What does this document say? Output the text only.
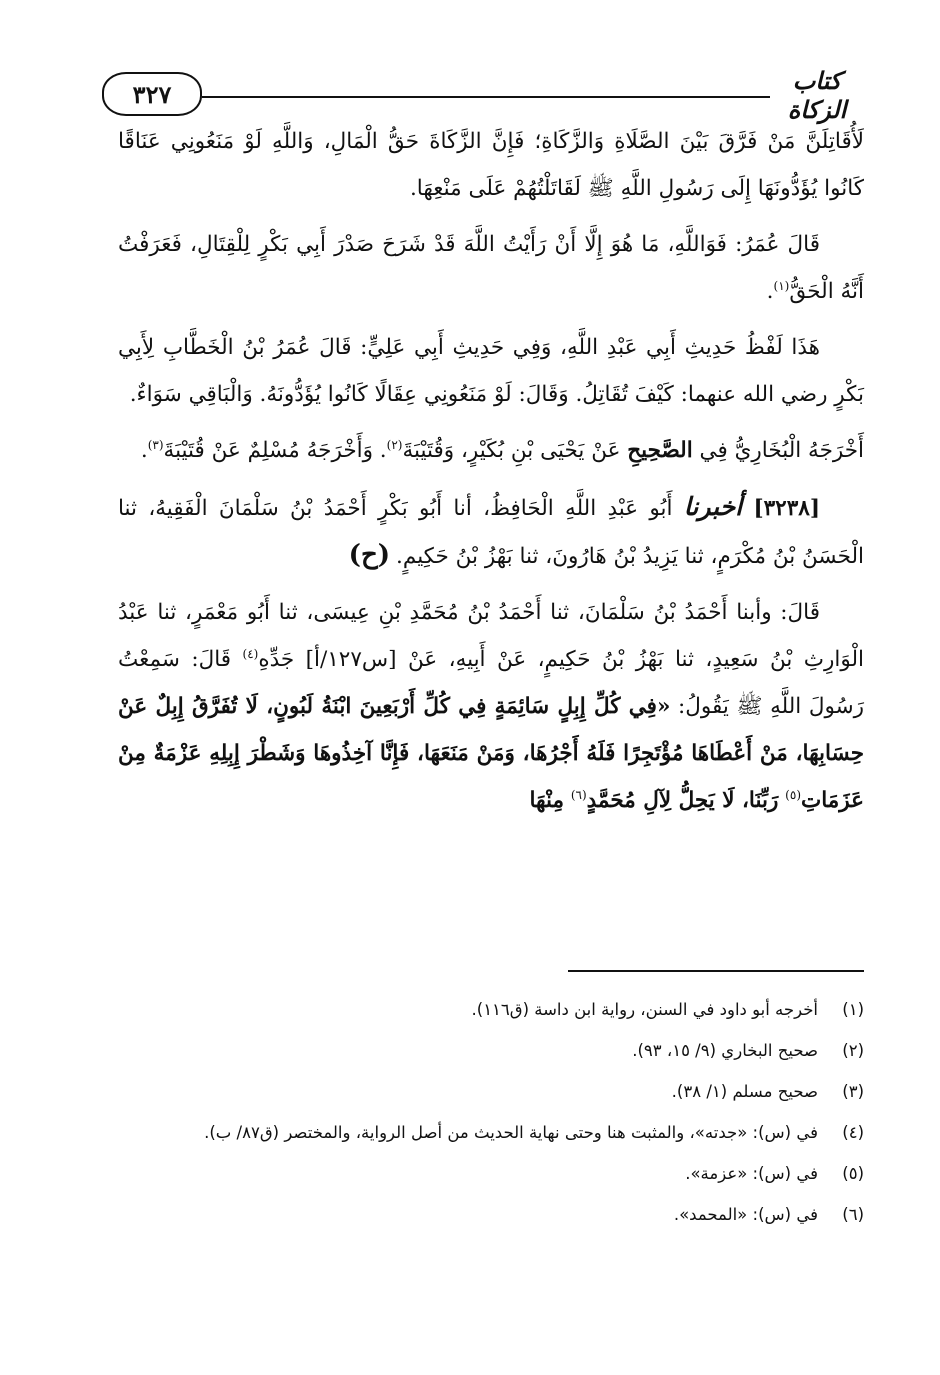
٣٢٧	كتاب الزكاة

لَأُقَاتِلَنَّ مَنْ فَرَّقَ بَيْنَ الصَّلَاةِ وَالزَّكَاةِ؛ فَإِنَّ الزَّكَاةَ حَقُّ الْمَالِ، وَاللَّهِ لَوْ مَنَعُونِي عَنَاقًا كَانُوا يُؤَدُّونَهَا إِلَى رَسُولِ اللَّهِ ﷺ لَقَاتَلْتُهُمْ عَلَى مَنْعِهَا.

قَالَ عُمَرُ: فَوَاللَّهِ، مَا هُوَ إِلَّا أَنْ رَأَيْتُ اللَّهَ قَدْ شَرَحَ صَدْرَ أَبِي بَكْرٍ لِلْقِتَالِ، فَعَرَفْتُ أَنَّهُ الْحَقُّ$^{(١)}$.

هَذَا لَفْظُ حَدِيثِ أَبِي عَبْدِ اللَّهِ، وَفِي حَدِيثِ أَبِي عَلِيٍّ: قَالَ عُمَرُ بْنُ الْخَطَّابِ لِأَبِي بَكْرٍ رضي الله عنهما: كَيْفَ تُقَاتِلُ. وَقَالَ: لَوْ مَنَعُونِي عِقَالًا كَانُوا يُؤَدُّونَهُ. وَالْبَاقِي سَوَاءٌ.

أَخْرَجَهُ الْبُخَارِيُّ فِي الصَّحِيحِ عَنْ يَحْيَى بْنِ بُكَيْرٍ، وَقُتَيْبَةَ$^{(٢)}$. وَأَخْرَجَهُ مُسْلِمٌ عَنْ قُتَيْبَةَ$^{(٣)}$.

[٣٢٣٨] أخبرنا أَبُو عَبْدِ اللَّهِ الْحَافِظُ، أنا أَبُو بَكْرٍ أَحْمَدُ بْنُ سَلْمَانَ الْفَقِيهُ، ثنا الْحَسَنُ بْنُ مُكْرَمٍ، ثنا يَزِيدُ بْنُ هَارُونَ، ثنا بَهْزُ بْنُ حَكِيمٍ.(ح)

قَالَ: وأبنا أَحْمَدُ بْنُ سَلْمَانَ، ثنا أَحْمَدُ بْنُ مُحَمَّدِ بْنِ عِيسَى، ثنا أَبُو مَعْمَرٍ، ثنا عَبْدُ الْوَارِثِ بْنُ سَعِيدٍ، ثنا بَهْزُ بْنُ حَكِيمٍ، عَنْ أَبِيهِ، عَنْ [س١٢٧/أ] جَدِّهِ$^{(٤)}$ قَالَ: سَمِعْتُ رَسُولَ اللَّهِ ﷺ يَقُولُ: «فِي كُلِّ إِبِلٍ سَائِمَةٍ فِي كُلِّ أَرْبَعِينَ ابْنَةُ لَبُونٍ، لَا تُفَرَّقُ إِبِلٌ عَنْ حِسَابِهَا، مَنْ أَعْطَاهَا مُؤْتَجِرًا فَلَهُ أَجْرُهَا، وَمَنْ مَنَعَهَا، فَإِنَّا آخِذُوهَا وَشَطْرَ إِبِلِهِ عَزْمَةٌ مِنْ عَزَمَاتِ$^{(٥)}$ رَبِّنَا، لَا يَحِلُّ لِآلِ مُحَمَّدٍ$^{(٦)}$ مِنْهَا

(١)
أخرجه أبو داود في السنن، رواية ابن داسة (ق١١٦).
(٢)
صحيح البخاري (٩/ ١٥، ٩٣).
(٣)
صحيح مسلم (١/ ٣٨).
(٤)
في (س): «جدته»، والمثبت هنا وحتى نهاية الحديث من أصل الرواية، والمختصر (ق٨٧/ ب).
(٥)
في (س): «عزمة».
(٦)
في (س): «المحمد».
